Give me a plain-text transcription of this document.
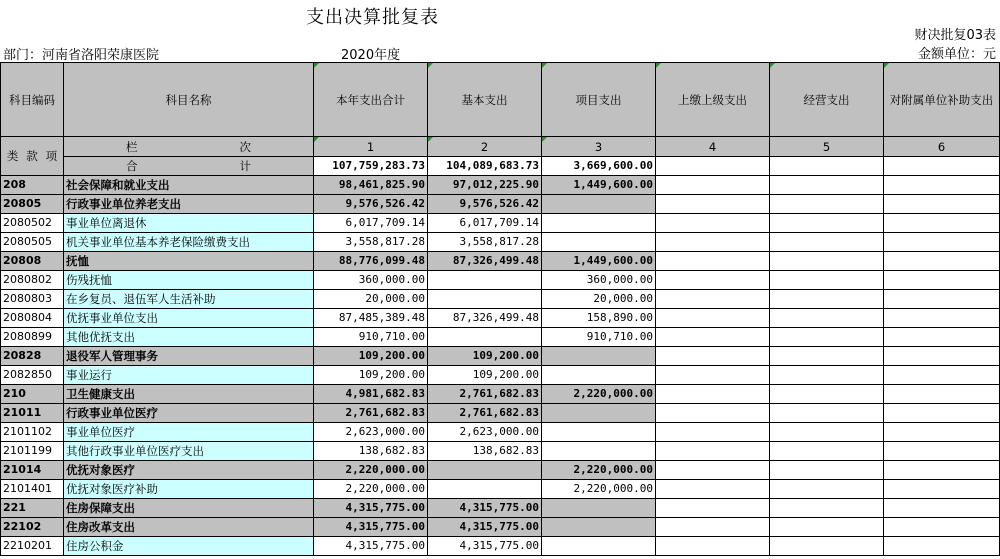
支出决算批复表
财决批复03表
金额单位：元
部门：河南省洛阳荣康医院	2020年度
科目编码	科目名称	本年支出合计	基本支出	项目支出	上缴上级支出	经营支出	对附属单位补助支出

类 款 项	栏 次	1	2	3	4	5	6

	合 计	107,759,283.73	104,089,683.73	3,669,600.00			
208	社会保障和就业支出	98,461,825.90	97,012,225.90	1,449,600.00			
20805	行政事业单位养老支出	9,576,526.42	9,576,526.42				
2080502	事业单位离退休	6,017,709.14	6,017,709.14				
2080505	机关事业单位基本养老保险缴费支出	3,558,817.28	3,558,817.28				
20808	抚恤	88,776,099.48	87,326,499.48	1,449,600.00			
2080802	伤残抚恤	360,000.00		360,000.00			
2080803	在乡复员、退伍军人生活补助	20,000.00		20,000.00			
2080804	优抚事业单位支出	87,485,389.48	87,326,499.48	158,890.00			
2080899	其他优抚支出	910,710.00		910,710.00			
20828	退役军人管理事务	109,200.00	109,200.00				
2082850	事业运行	109,200.00	109,200.00				
210	卫生健康支出	4,981,682.83	2,761,682.83	2,220,000.00			
21011	行政事业单位医疗	2,761,682.83	2,761,682.83				
2101102	事业单位医疗	2,623,000.00	2,623,000.00				
2101199	其他行政事业单位医疗支出	138,682.83	138,682.83				
21014	优抚对象医疗	2,220,000.00		2,220,000.00			
2101401	优抚对象医疗补助	2,220,000.00		2,220,000.00			
221	住房保障支出	4,315,775.00	4,315,775.00				
22102	住房改革支出	4,315,775.00	4,315,775.00				
2210201	住房公积金	4,315,775.00	4,315,775.00				
